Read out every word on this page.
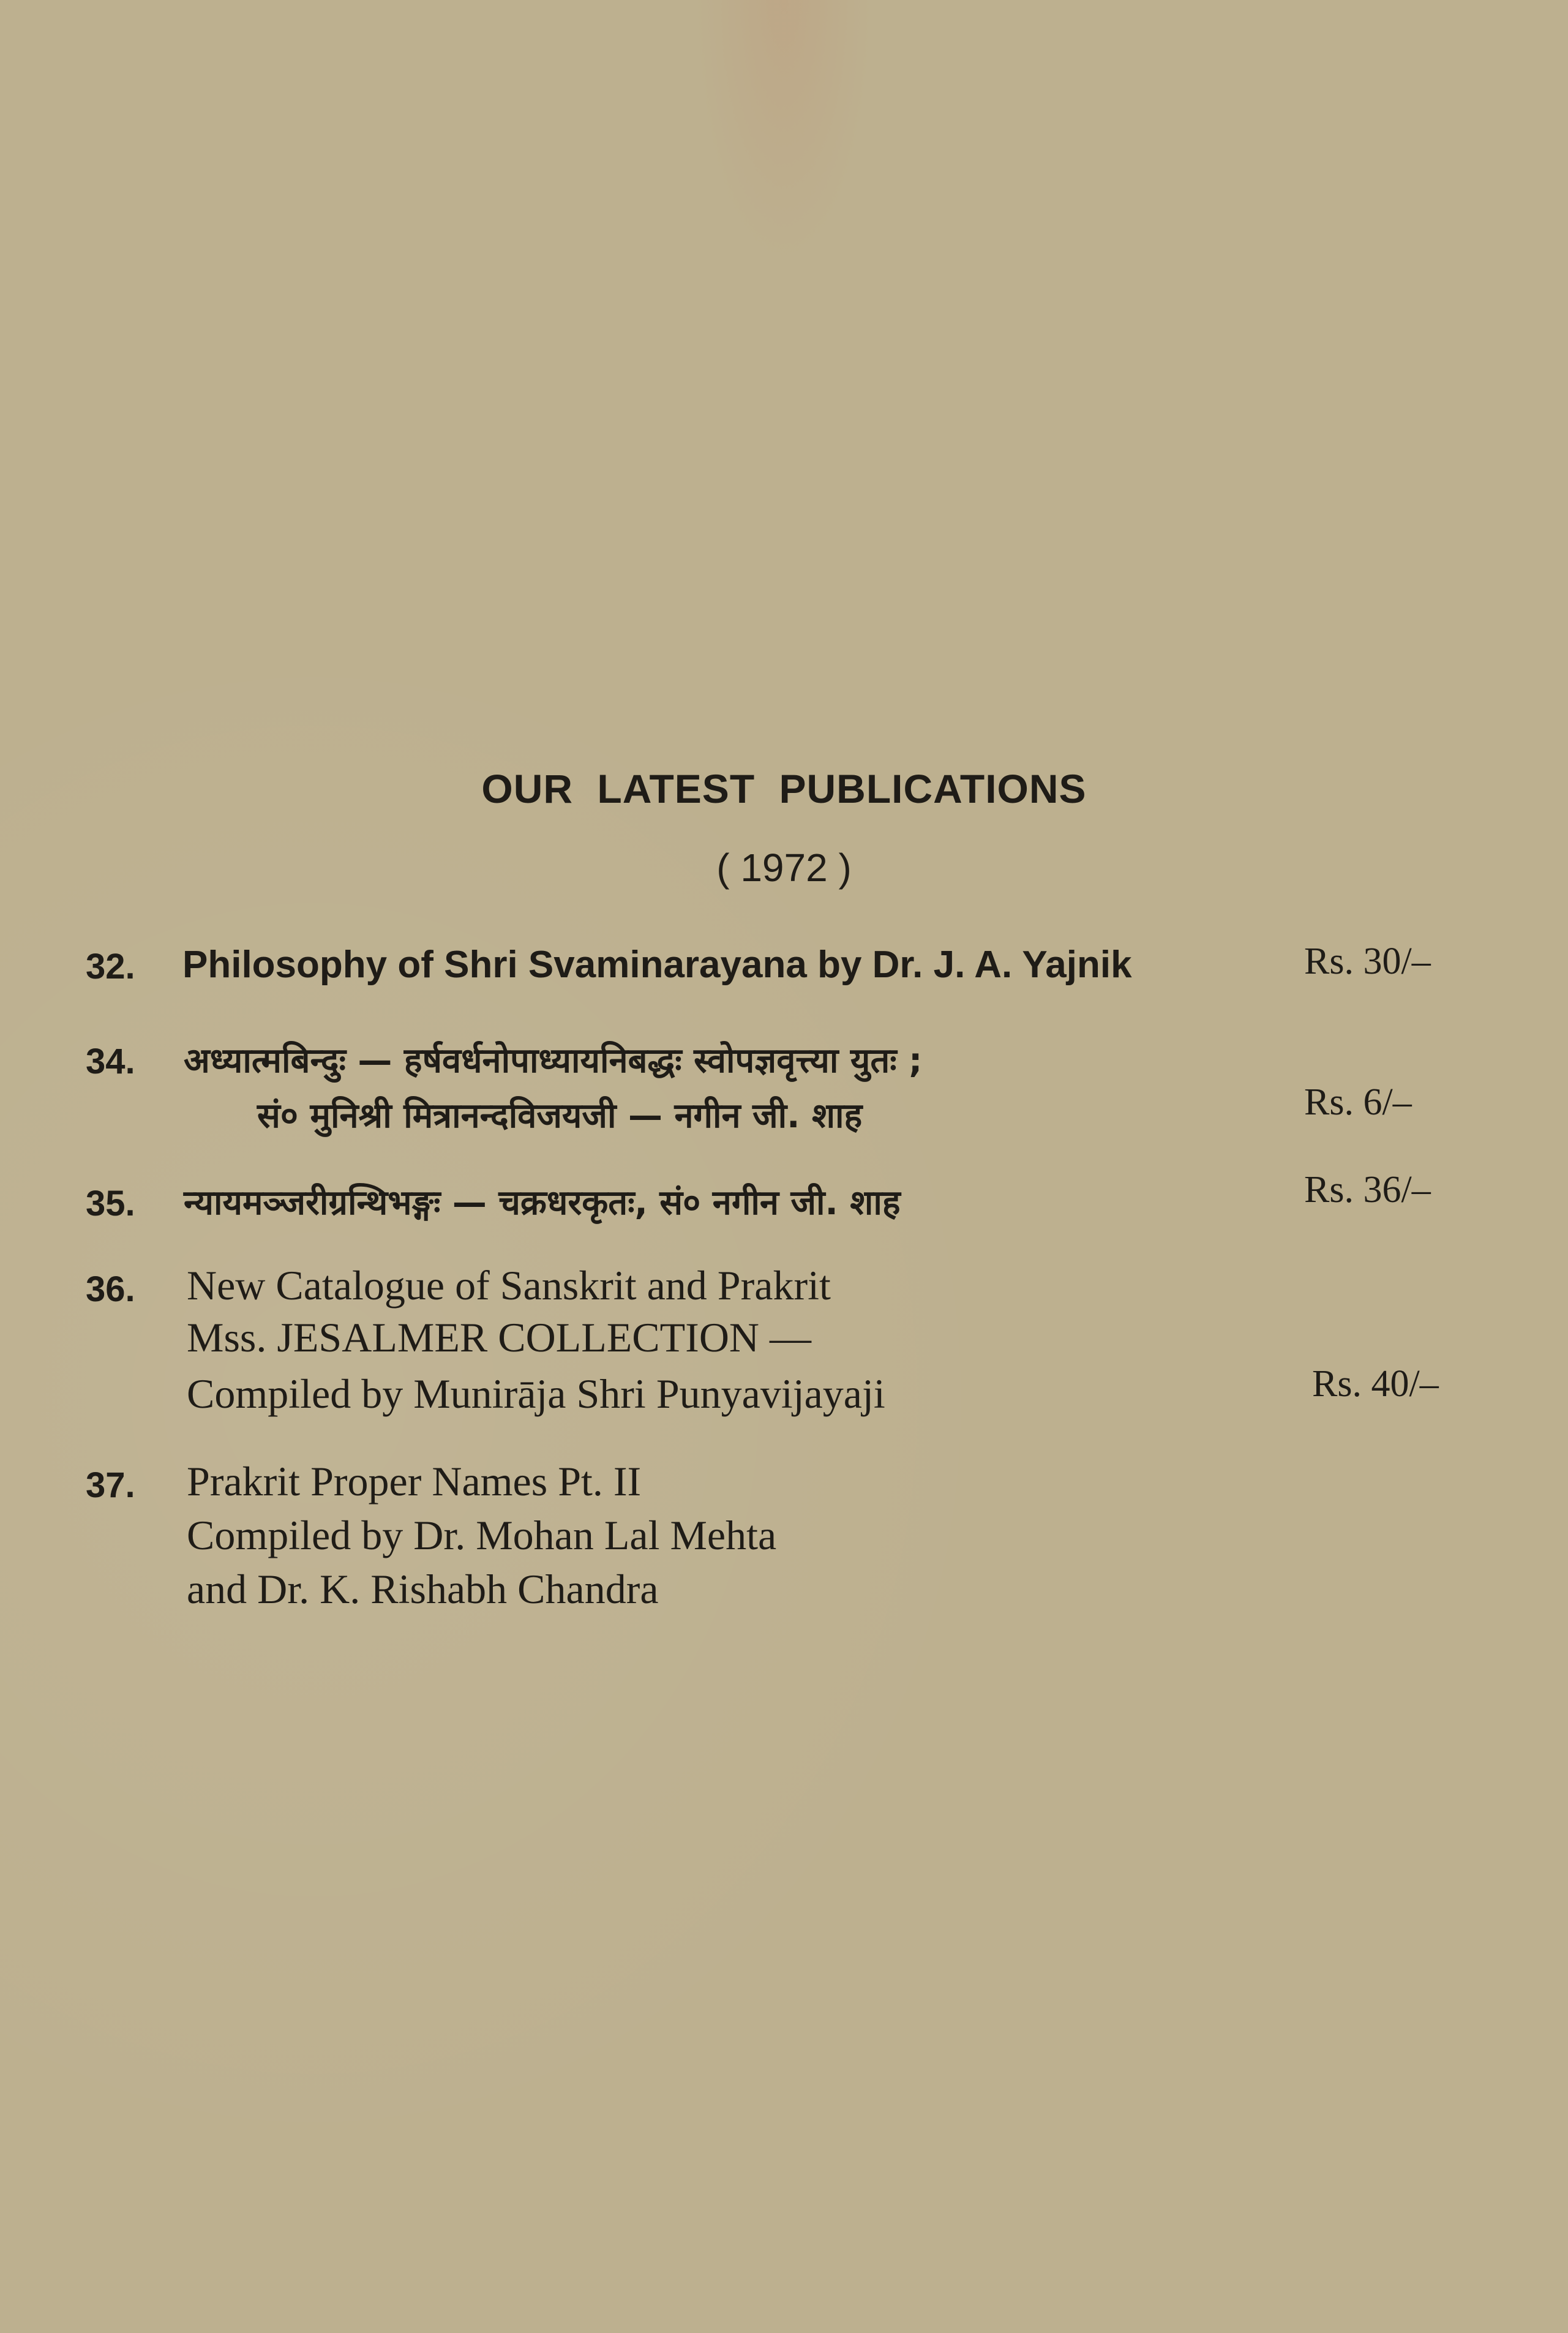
OUR LATEST PUBLICATIONS
( 1972 )
32. Philosophy of Shri Svaminarayana by Dr. J. A. Yajnik	Rs. 30/–
34. अध्यात्मबिन्दुः — हर्षवर्धनोपाध्यायनिबद्धः स्वोपज्ञवृत्त्या युतः ;
सं० मुनिश्री मित्रानन्दविजयजी — नगीन जी. शाह	Rs. 6/–
35. न्यायमञ्जरीग्रन्थिभङ्गः — चक्रधरकृतः, सं० नगीन जी. शाह	Rs. 36/–
36. New Catalogue of Sanskrit and Prakrit
Mss. JESALMER COLLECTION —
Compiled by Munirāja Shri Punyavijayaji	Rs. 40/–
37. Prakrit Proper Names Pt. II
Compiled by Dr. Mohan Lal Mehta
and Dr. K. Rishabh Chandra
